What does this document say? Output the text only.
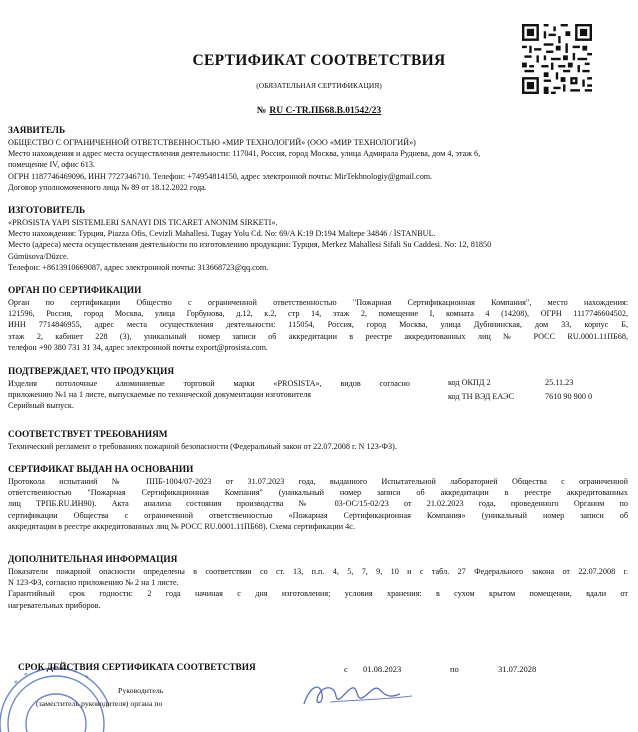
СЕРТИФИКАТ СООТВЕТСТВИЯ
(ОБЯЗАТЕЛЬНАЯ СЕРТИФИКАЦИЯ)
№ RU C-TR.ПБ68.В.01542/23
ЗАЯВИТЕЛЬ
ОБЩЕСТВО С ОГРАНИЧЕННОЙ ОТВЕТСТВЕННОСТЬЮ «МИР ТЕХНОЛОГИЙ» (ООО «МИР ТЕХНОЛОГИЙ»)
Место нахождения и адрес места осуществления деятельности: 117041, Россия, город Москва, улица Адмирала Руднева, дом 4, этаж 6,
помещение IV, офис 613.
ОГРН 1187746469096, ИНН 7727346710. Телефон: +74954814150, адрес электронной почты: MirTekhnologiy@gmail.com.
Договор уполномоченного лица № 89 от 18.12.2022 года.
ИЗГОТОВИТЕЛЬ
«PROSISTA YAPI SISTEMLERI SANAYI DIS TICARET ANONIM SIRKETI».
Место нахождения: Турция, Piazza Ofis, Cevizli Mahallesi. Tugay Yolu Cd. No: 69/A K:19 D:194 Maltepe 34846 / İSTANBUL.
Место (адреса) места осуществления деятельности по изготовлению продукции: Турция, Merkez Mahallesi Sifali Su Caddesi. No: 12, 81850
Gümüsova/Düzce.
Телефон: +8613910669087, адрес электронной почты: 313668723@qq.com.
ОРГАН ПО СЕРТИФИКАЦИИ
Орган по сертификации Общество с ограниченной ответственностью "Пожарная Сертификационная Компания", место нахождения:
121596, Россия, город Москва, улица Горбунова, д.12, к.2, стр 14, этаж 2, помещение I, комната 4 (14208), ОГРН 1117746604502,
ИНН 7714846955, адрес места осуществления деятельности: 115054, Россия, город Москва, улица Дубининская, дом 33, корпус Б,
этаж 2, кабинет 228 (3), уникальный номер записи об аккредитации в реестре аккредитованных лиц № РОСС RU.0001.11ПБ68,
телефон +90 380 731 31 34, адрес электронной почты export@prosista.com.
ПОДТВЕРЖДАЕТ, ЧТО ПРОДУКЦИЯ
Изделия потолочные алюминиевые торговой марки «PROSISTA», видов согласно
приложению №1 на 1 листе, выпускаемые по технической документации изготовителя
Серийный выпуск.
код ОКПД 2	25.11.23
код ТН ВЭД ЕАЭС	7610 90 900 0
СООТВЕТСТВУЕТ ТРЕБОВАНИЯМ
Технический регламент о требованиях пожарной безопасности (Федеральный закон от 22.07.2008 г. N 123-ФЗ).
СЕРТИФИКАТ ВЫДАН НА ОСНОВАНИИ
Протокола испытаний № ППБ-1004/07-2023 от 31.07.2023 года, выданного Испытательной лабораторией Общества с ограниченной
ответственностью "Пожарная Сертификационная Компания" (уникальный номер записи об аккредитации в реестре аккредитованных
лиц ТРПБ.RU.ИН90). Акта анализа состояния производства № 03-ОС/15-02/23 от 21.02.2023 года, проведенного Органом по
сертификации Общества с ограниченной ответственностью «Пожарная Сертификационная Компания» (уникальный номер записи об
аккредитации в реестре аккредитованных лиц № РОСС RU.0001.11ПБ68). Схема сертификации 4с.
ДОПОЛНИТЕЛЬНАЯ ИНФОРМАЦИЯ
Показатели пожарной опасности определены в соответствии со ст. 13, п.п. 4, 5, 7, 9, 10 и с табл. 27 Федерального закона от 22.07.2008 г.
N 123-ФЗ, согласно приложению № 2 на 1 листе.
Гарантийный срок годности: 2 года начиная с дня изготовления; условия хранения: в сухом крытом помещении, вдали от
нагревательных приборов.
СРОК ДЕЙСТВИЯ СЕРТИФИКАТА СООТВЕТСТВИЯ	с 01.08.2023	по	31.07.2028
Руководитель
(заместитель руководителя) органа по
